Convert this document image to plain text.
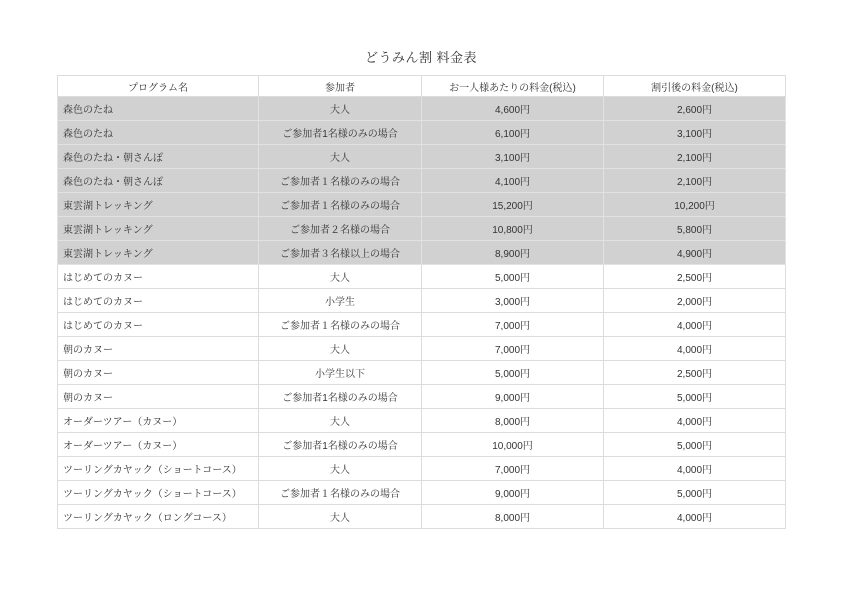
どうみん割 料金表
プログラム名	参加者	お一人様あたりの料金(税込)	割引後の料金(税込)
森色のたね	大人	4,600円	2,600円
森色のたね	ご参加者1名様のみの場合	6,100円	3,100円
森色のたね・朝さんぽ	大人	3,100円	2,100円
森色のたね・朝さんぽ	ご参加者１名様のみの場合	4,100円	2,100円
東雲湖トレッキング	ご参加者１名様のみの場合	15,200円	10,200円
東雲湖トレッキング	ご参加者２名様の場合	10,800円	5,800円
東雲湖トレッキング	ご参加者３名様以上の場合	8,900円	4,900円
はじめてのカヌー	大人	5,000円	2,500円
はじめてのカヌー	小学生	3,000円	2,000円
はじめてのカヌー	ご参加者１名様のみの場合	7,000円	4,000円
朝のカヌー	大人	7,000円	4,000円
朝のカヌー	小学生以下	5,000円	2,500円
朝のカヌー	ご参加者1名様のみの場合	9,000円	5,000円
オーダーツアー（カヌー）	大人	8,000円	4,000円
オーダーツアー（カヌー）	ご参加者1名様のみの場合	10,000円	5,000円
ツーリングカヤック（ショートコース）	大人	7,000円	4,000円
ツーリングカヤック（ショートコース）	ご参加者１名様のみの場合	9,000円	5,000円
ツーリングカヤック（ロングコース）	大人	8,000円	4,000円
